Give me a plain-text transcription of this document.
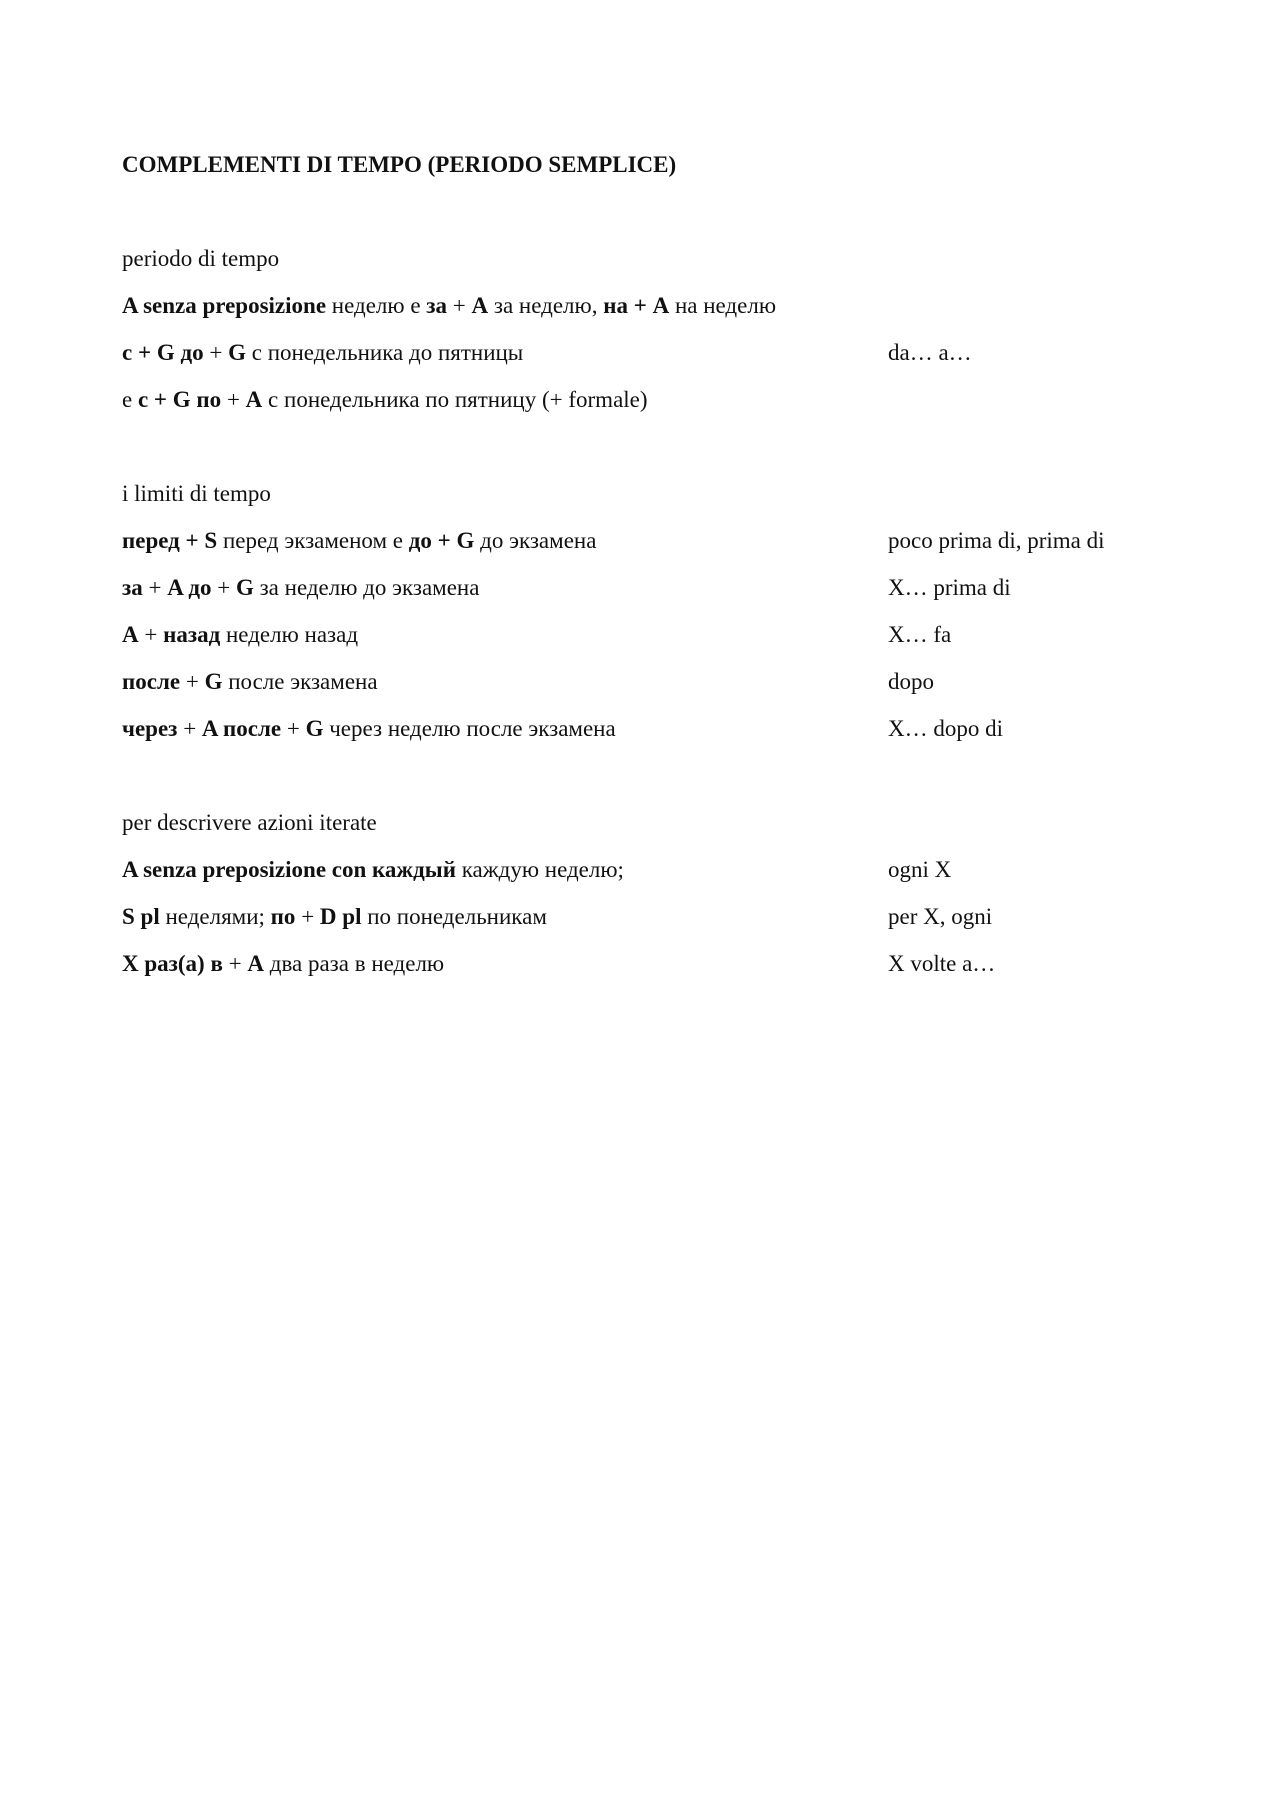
COMPLEMENTI DI TEMPO (PERIODO SEMPLICE)
periodo di tempo
A senza preposizione неделю е за + A за неделю, на + A на неделю
с + G до + G с понедельника до пятницы	da… a…
е с + G по + A с понедельника по пятницу (+ formale)
i limiti di tempo
перед + S перед экзаменом е до + G до экзамена	poco prima di, prima di
за + A до + G за неделю до экзамена	X… prima di
A + назад неделю назад	X… fa
после + G после экзамена	dopo
через + A после + G через неделю после экзамена	X… dopo di
per descrivere azioni iterate
A senza preposizione con каждый каждую неделю;	ogni X
S pl неделями; по + D pl по понедельникам	per X, ogni
X раз(а) в + A два раза в неделю	X volte a…
